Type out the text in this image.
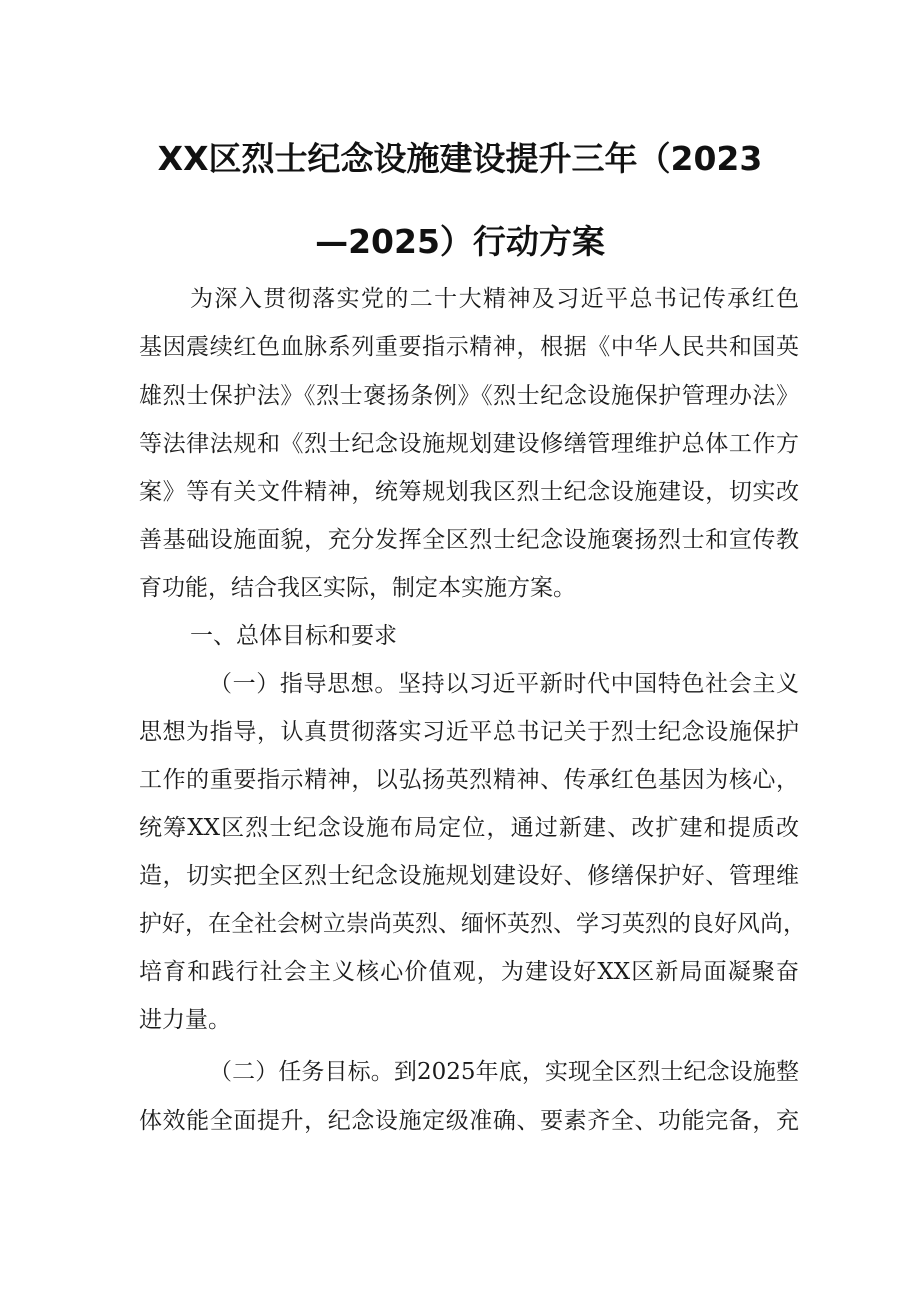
XX区烈士纪念设施建设提升三年（2023
—2025）行动方案
为深入贯彻落实党的二十大精神及习近平总书记传承红色
基因震续红色血脉系列重要指示精神，根据《中华人民共和国英
雄烈士保护法》《烈士褒扬条例》《烈士纪念设施保护管理办法》
等法律法规和《烈士纪念设施规划建设修缮管理维护总体工作方
案》等有关文件精神，统筹规划我区烈士纪念设施建设，切实改
善基础设施面貌，充分发挥全区烈士纪念设施褒扬烈士和宣传教
育功能，结合我区实际，制定本实施方案。
一、总体目标和要求
（一）指导思想。坚持以习近平新时代中国特色社会主义
思想为指导，认真贯彻落实习近平总书记关于烈士纪念设施保护
工作的重要指示精神，以弘扬英烈精神、传承红色基因为核心，
统筹XX区烈士纪念设施布局定位，通过新建、改扩建和提质改
造，切实把全区烈士纪念设施规划建设好、修缮保护好、管理维
护好，在全社会树立崇尚英烈、缅怀英烈、学习英烈的良好风尚，
培育和践行社会主义核心价值观，为建设好XX区新局面凝聚奋
进力量。
（二）任务目标。到2025年底，实现全区烈士纪念设施整
体效能全面提升，纪念设施定级准确、要素齐全、功能完备，充
